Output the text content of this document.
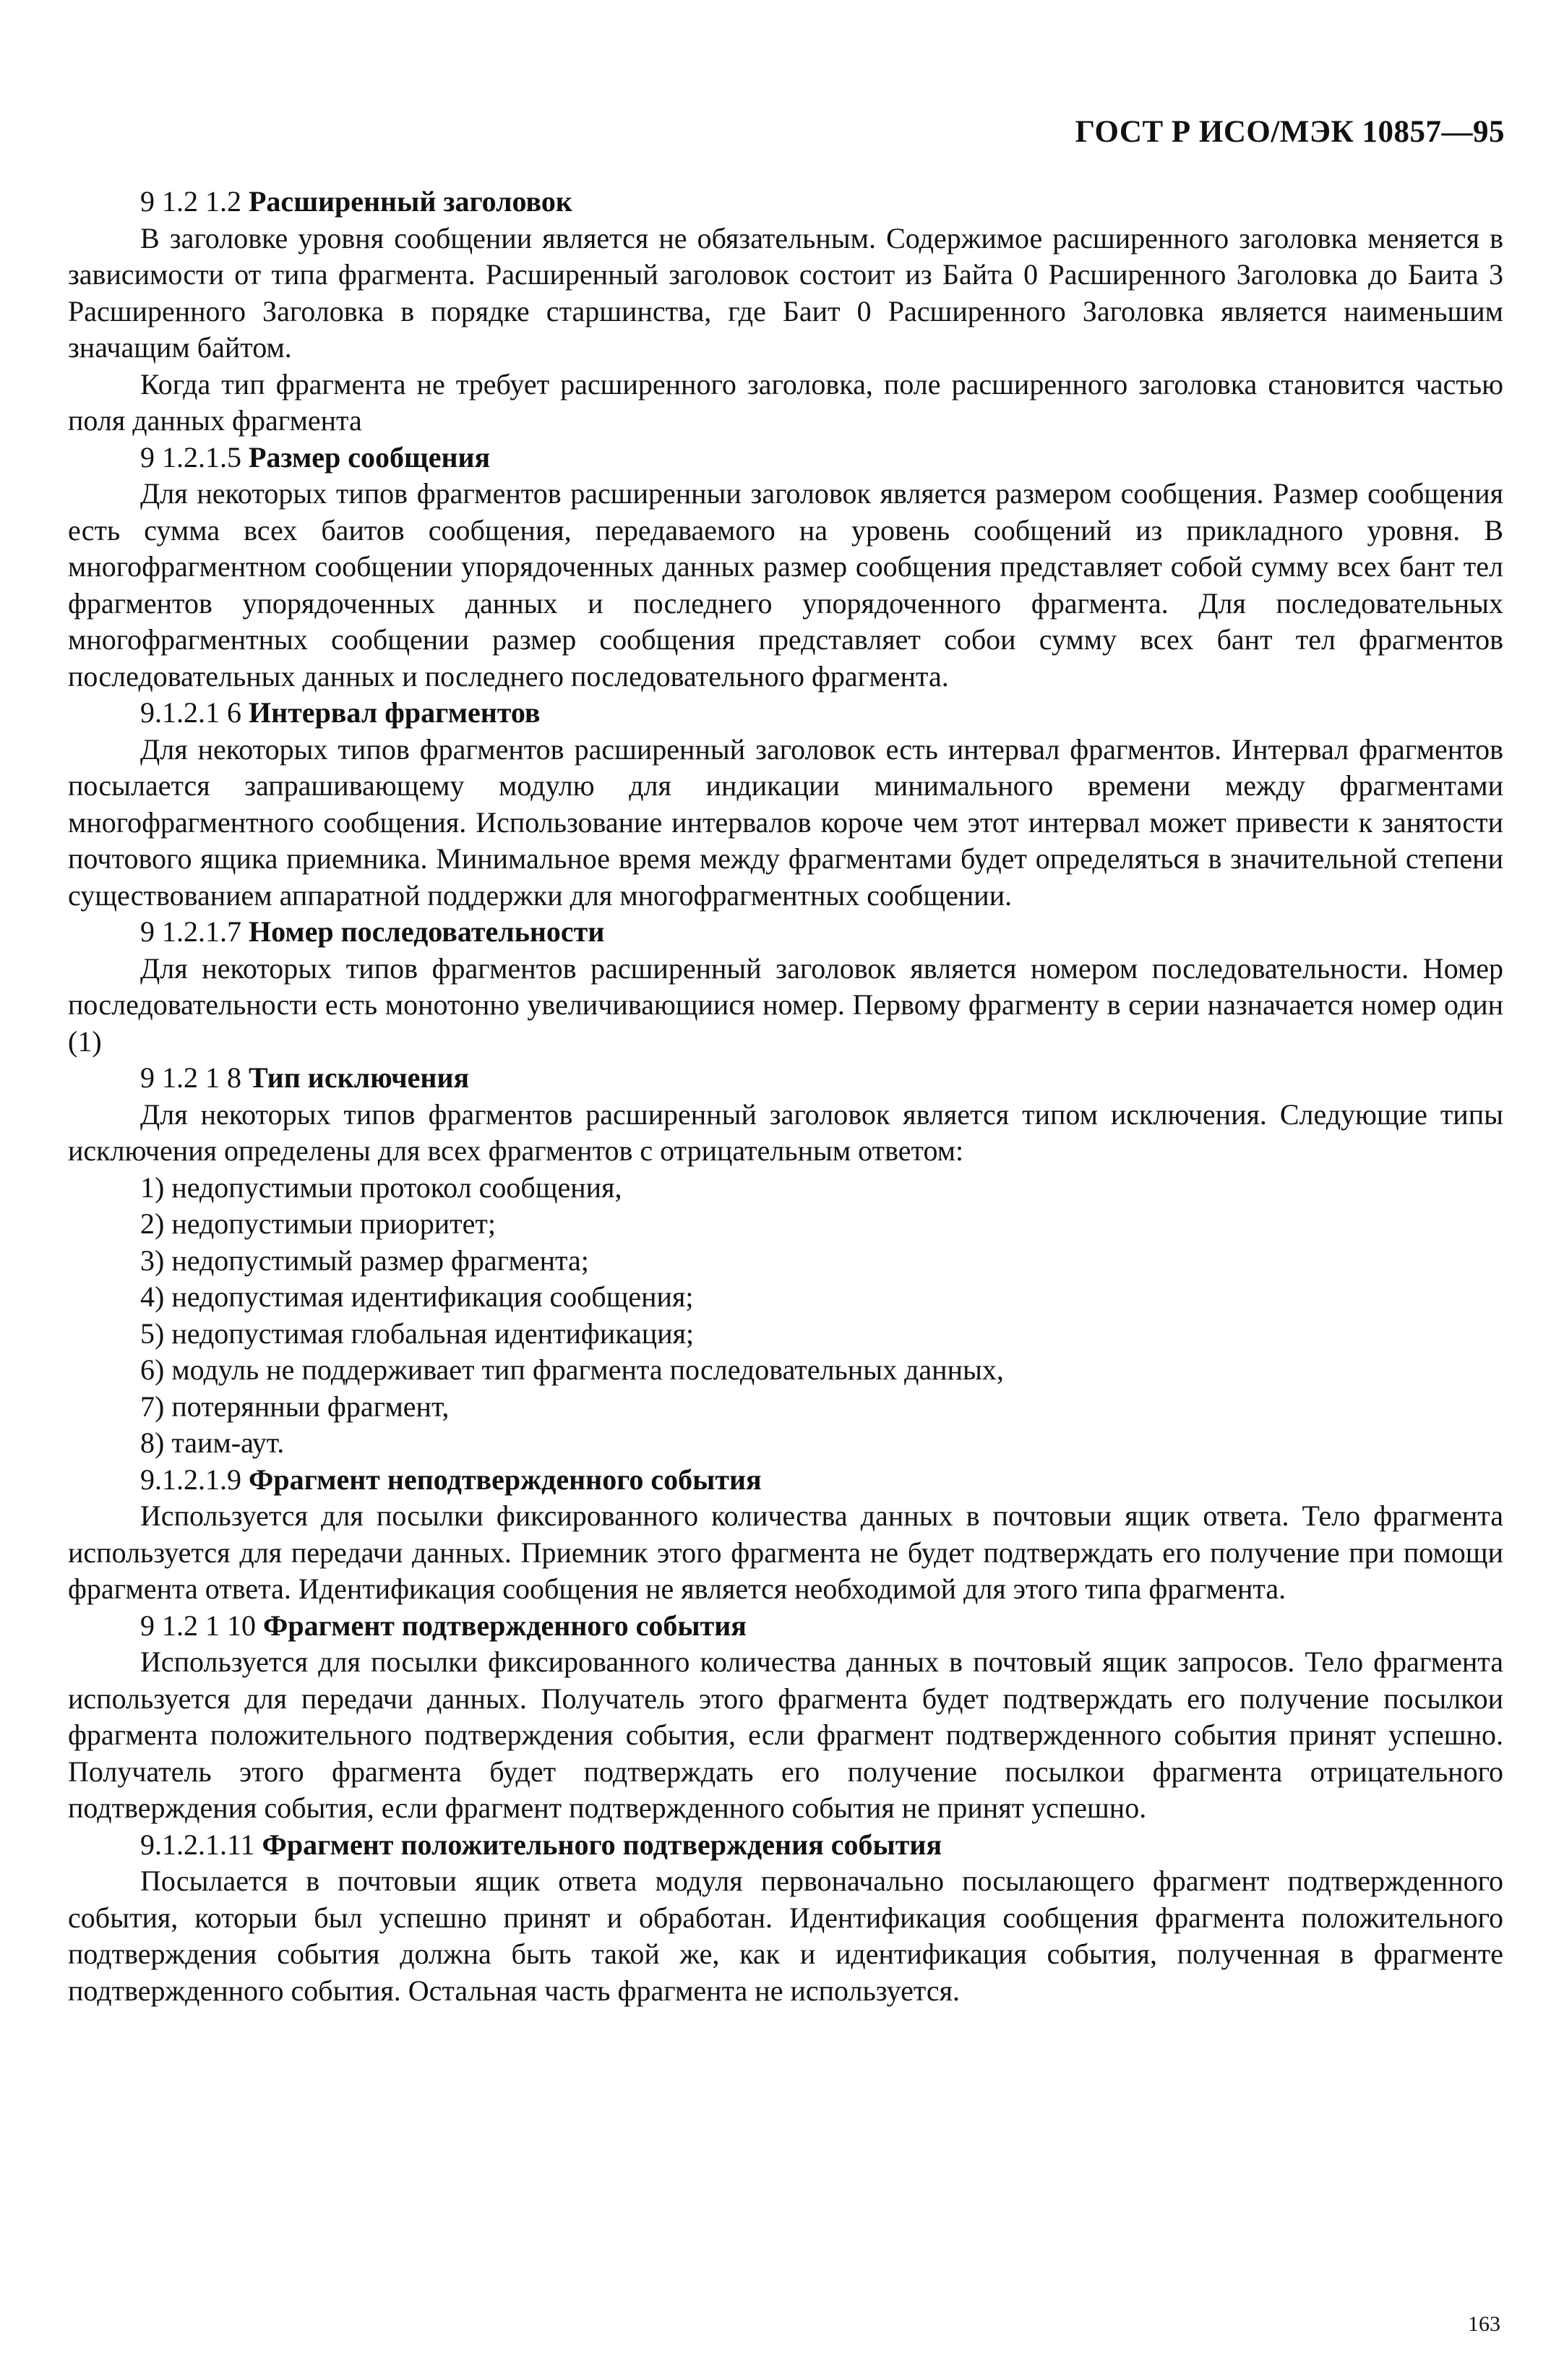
ГОСТ Р ИСО/МЭК 10857—95

9 1.2 1.2 Расширенный заголовок

В заголовке уровня сообщении является не обязательным. Содержимое расширенного заголовка меняется в зависимости от типа фрагмента. Расширенный заголовок состоит из Байта 0 Расширенного Заголовка до Баита 3 Расширенного Заголовка в порядке старшинства, где Баит 0 Расширенного Заголовка является наименьшим значащим байтом.

Когда тип фрагмента не требует расширенного заголовка, поле расширенного заголовка становится частью поля данных фрагмента

9 1.2.1.5 Размер сообщения

Для некоторых типов фрагментов расширенныи заголовок является размером сообщения. Размер сообщения есть сумма всех баитов сообщения, передаваемого на уровень сообщений из прикладного уровня. В многофрагментном сообщении упорядоченных данных размер сообщения представляет собой сумму всех бант тел фрагментов упорядоченных данных и последнего упорядоченного фрагмента. Для последовательных многофрагментных сообщении размер сообщения представляет собои сумму всех бант тел фрагментов последовательных данных и последнего последовательного фрагмента.

9.1.2.1 6 Интервал фрагментов

Для некоторых типов фрагментов расширенный заголовок есть интервал фрагментов. Интервал фрагментов посылается запрашивающему модулю для индикации минимального времени между фрагментами многофрагментного сообщения. Использование интервалов короче чем этот интервал может привести к занятости почтового ящика приемника. Минимальное время между фрагментами будет определяться в значительной степени существованием аппаратной поддержки для многофрагментных сообщении.

9 1.2.1.7 Номер последовательности

Для некоторых типов фрагментов расширенный заголовок является номером последовательности. Номер последовательности есть монотонно увеличивающиися номер. Первому фрагменту в серии назначается номер один (1)

9 1.2 1 8 Тип исключения

Для некоторых типов фрагментов расширенный заголовок является типом исключения. Следующие типы исключения определены для всех фрагментов с отрицательным ответом:

1) недопустимыи протокол сообщения,

2) недопустимыи приоритет;

3) недопустимый размер фрагмента;

4) недопустимая идентификация сообщения;

5) недопустимая глобальная идентификация;

6) модуль не поддерживает тип фрагмента последовательных данных,

7) потерянныи фрагмент,

8) таим-аут.

9.1.2.1.9 Фрагмент неподтвержденного события

Используется для посылки фиксированного количества данных в почтовыи ящик ответа. Тело фрагмента используется для передачи данных. Приемник этого фрагмента не будет подтверждать его получение при помощи фрагмента ответа. Идентификация сообщения не является необходимой для этого типа фрагмента.

9 1.2 1 10 Фрагмент подтвержденного события

Используется для посылки фиксированного количества данных в почтовый ящик запросов. Тело фрагмента используется для передачи данных. Получатель этого фрагмента будет подтверждать его получение посылкои фрагмента положительного подтверждения события, если фрагмент подтвержденного события принят успешно. Получатель этого фрагмента будет подтверждать его получение посылкои фрагмента отрицательного подтверждения события, если фрагмент подтвержденного события не принят успешно.

9.1.2.1.11 Фрагмент положительного подтверждения события

Посылается в почтовыи ящик ответа модуля первоначально посылающего фрагмент подтвержденного события, которыи был успешно принят и обработан. Идентификация сообщения фрагмента положительного подтверждения события должна быть такой же, как и идентификация события, полученная в фрагменте подтвержденного события. Остальная часть фрагмента не используется.

163
